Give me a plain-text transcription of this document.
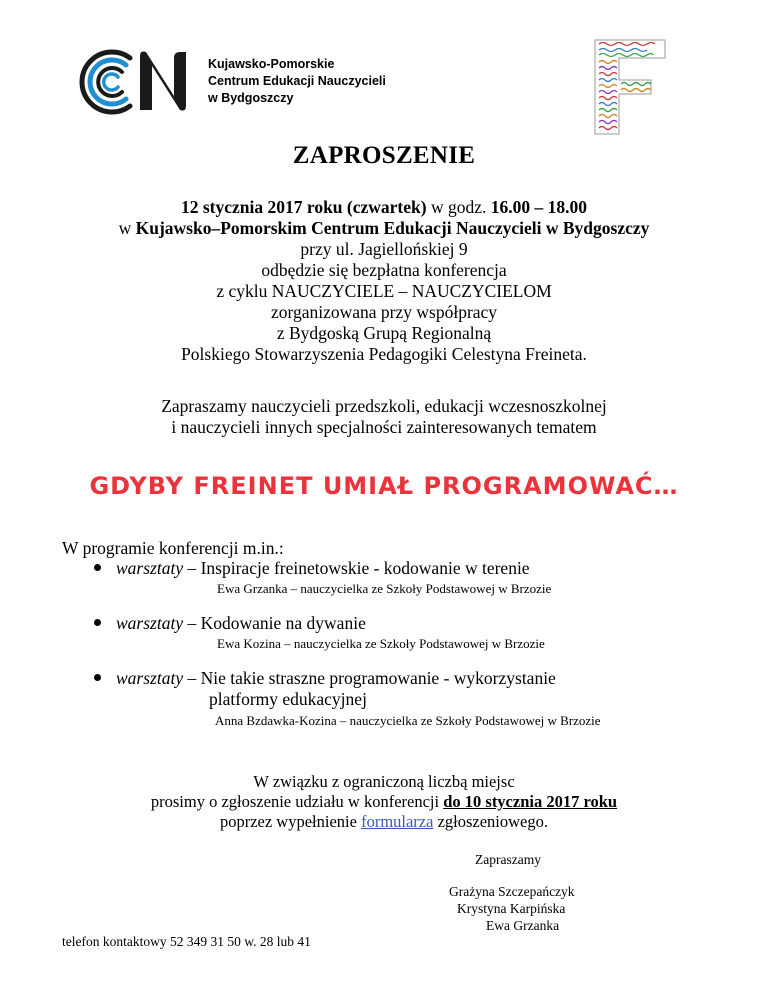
Kujawsko-Pomorskie
Centrum Edukacji Nauczycieli
w Bydgoszczy
ZAPROSZENIE
12 stycznia 2017 roku (czwartek) w godz. 16.00 – 18.00
w Kujawsko–Pomorskim Centrum Edukacji Nauczycieli w Bydgoszczy
przy ul. Jagiellońskiej 9
odbędzie się bezpłatna konferencja
z cyklu NAUCZYCIELE – NAUCZYCIELOM
zorganizowana przy współpracy
z Bydgoską Grupą Regionalną
Polskiego Stowarzyszenia Pedagogiki Celestyna Freineta.
Zapraszamy nauczycieli przedszkoli, edukacji wczesnoszkolnej
i nauczycieli innych specjalności zainteresowanych tematem
GDYBY FREINET UMIAŁ PROGRAMOWAĆ…
W programie konferencji m.in.:
warsztaty – Inspiracje freinetowskie - kodowanie w terenie
Ewa Grzanka – nauczycielka ze Szkoły Podstawowej w Brzozie
warsztaty – Kodowanie na dywanie
Ewa Kozina – nauczycielka ze Szkoły Podstawowej w Brzozie
warsztaty – Nie takie straszne programowanie - wykorzystanie
platformy edukacyjnej
Anna Bzdawka-Kozina – nauczycielka ze Szkoły Podstawowej w Brzozie
W związku z ograniczoną liczbą miejsc
prosimy o zgłoszenie udziału w konferencji do 10 stycznia 2017 roku
poprzez wypełnienie formularza zgłoszeniowego.
Zapraszamy
Grażyna Szczepańczyk
Krystyna Karpińska
Ewa Grzanka
telefon kontaktowy 52 349 31 50 w. 28 lub 41
